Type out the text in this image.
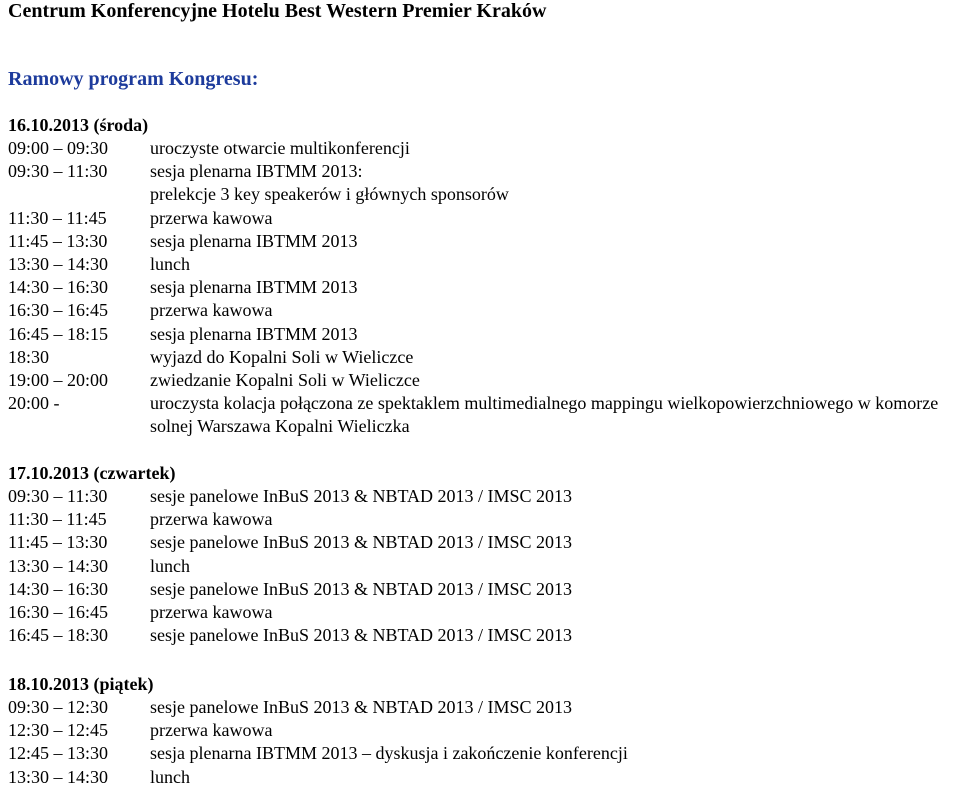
Centrum Konferencyjne Hotelu Best Western Premier Kraków
Ramowy program Kongresu:
16.10.2013 (środa)
09:00 – 09:30 uroczyste otwarcie multikonferencji
09:30 – 11:30 sesja plenarna IBTMM 2013:
prelekcje 3 key speakerów i głównych sponsorów
11:30 – 11:45 przerwa kawowa
11:45 – 13:30 sesja plenarna IBTMM 2013
13:30 – 14:30 lunch
14:30 – 16:30 sesja plenarna IBTMM 2013
16:30 – 16:45 przerwa kawowa
16:45 – 18:15 sesja plenarna IBTMM 2013
18:30	wyjazd do Kopalni Soli w Wieliczce
19:00 – 20:00 zwiedzanie Kopalni Soli w Wieliczce
20:00 -	uroczysta kolacja połączona ze spektaklem multimedialnego mappingu wielkopowierzchniowego w komorze solnej Warszawa Kopalni Wieliczka
17.10.2013 (czwartek)
09:30 – 11:30 sesje panelowe InBuS 2013 & NBTAD 2013 / IMSC 2013
11:30 – 11:45 przerwa kawowa
11:45 – 13:30 sesje panelowe InBuS 2013 & NBTAD 2013 / IMSC 2013
13:30 – 14:30 lunch
14:30 – 16:30 sesje panelowe InBuS 2013 & NBTAD 2013 / IMSC 2013
16:30 – 16:45 przerwa kawowa
16:45 – 18:30 sesje panelowe InBuS 2013 & NBTAD 2013 / IMSC 2013
18.10.2013 (piątek)
09:30 – 12:30 sesje panelowe InBuS 2013 & NBTAD 2013 / IMSC 2013
12:30 – 12:45 przerwa kawowa
12:45 – 13:30 sesja plenarna IBTMM 2013 – dyskusja i zakończenie konferencji
13:30 – 14:30 lunch
